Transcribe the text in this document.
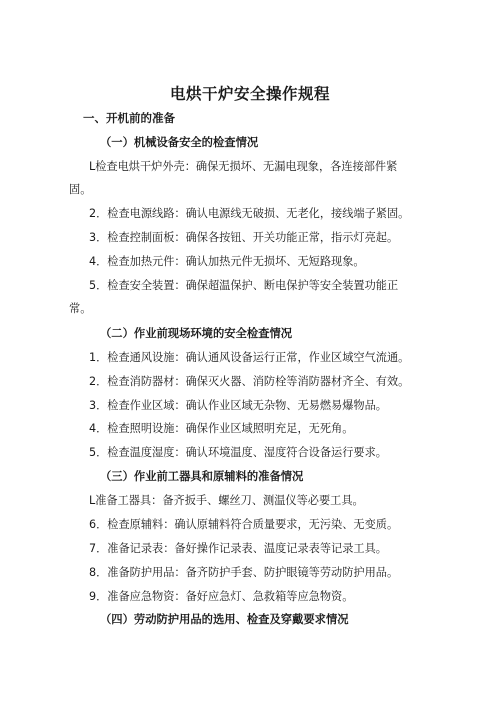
电烘干炉安全操作规程
一、开机前的准备
（一）机械设备安全的检查情况
L检查电烘干炉外壳：确保无损坏、无漏电现象，各连接部件紧
固。
2．检查电源线路：确认电源线无破损、无老化，接线端子紧固。
3．检查控制面板：确保各按钮、开关功能正常，指示灯亮起。
4．检查加热元件：确认加热元件无损坏、无短路现象。
5．检查安全装置：确保超温保护、断电保护等安全装置功能正
常。
（二）作业前现场环境的安全检查情况
1．检查通风设施：确认通风设备运行正常，作业区域空气流通。
2．检查消防器材：确保灭火器、消防栓等消防器材齐全、有效。
3．检查作业区域：确认作业区域无杂物、无易燃易爆物品。
4．检查照明设施：确保作业区域照明充足，无死角。
5．检查温度湿度：确认环境温度、湿度符合设备运行要求。
（三）作业前工器具和原辅料的准备情况
L准备工器具：备齐扳手、螺丝刀、测温仪等必要工具。
6．检查原辅料：确认原辅料符合质量要求，无污染、无变质。
7．准备记录表：备好操作记录表、温度记录表等记录工具。
8．准备防护用品：备齐防护手套、防护眼镜等劳动防护用品。
9．准备应急物资：备好应急灯、急救箱等应急物资。
（四）劳动防护用品的选用、检查及穿戴要求情况
